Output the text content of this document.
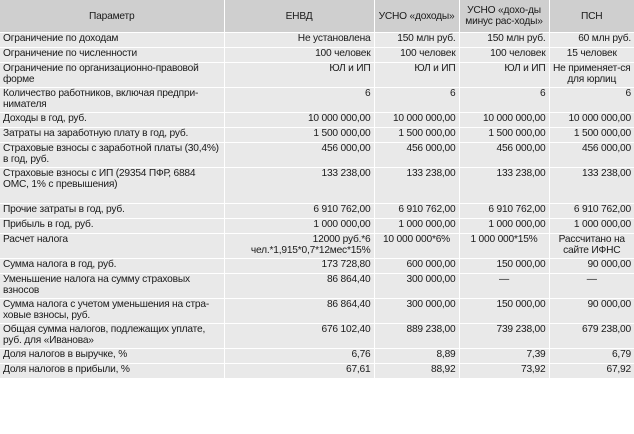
Параметр	ЕНВД	УСНО «доходы»	УСНО «дохо-ды минус рас-ходы»	ПСН
Ограничение по доходам	Не установлена	150 млн руб.	150 млн руб.	60 млн руб.
Ограничение по численности	100 человек	100 человек	100 человек	15 человек
Ограничение по организационно-правовой форме	ЮЛ и ИП	ЮЛ и ИП	ЮЛ и ИП	Не применяет-ся для юрлиц
Количество работников, включая предпри-нимателя	6	6	6	6
Доходы в год, руб.	10 000 000,00	10 000 000,00	10 000 000,00	10 000 000,00
Затраты на заработную плату в год, руб.	1 500 000,00	1 500 000,00	1 500 000,00	1 500 000,00
Страховые взносы с заработной платы (30,4%) в год, руб.	456 000,00	456 000,00	456 000,00	456 000,00
Страховые взносы с ИП (29354 ПФР, 6884 ОМС, 1% с превышения)	133 238,00	133 238,00	133 238,00	133 238,00
Прочие затраты в год, руб.	6 910 762,00	6 910 762,00	6 910 762,00	6 910 762,00
Прибыль в год, руб.	1 000 000,00	1 000 000,00	1 000 000,00	1 000 000,00
Расчет налога	12000 руб.*6 чел.*1,915*0,7*12мес*15%	10 000 000*6%	1 000 000*15%	Рассчитано на сайте ИФНС
Сумма налога в год, руб.	173 728,80	600 000,00	150 000,00	90 000,00
Уменьшение налога на сумму страховых взносов	86 864,40	300 000,00	—	—
Сумма налога с учетом уменьшения на стра-ховые взносы, руб.	86 864,40	300 000,00	150 000,00	90 000,00
Общая сумма налогов, подлежащих уплате, руб. для «Иванова»	676 102,40	889 238,00	739 238,00	679 238,00
Доля налогов в выручке, %	6,76	8,89	7,39	6,79
Доля налогов в прибыли, %	67,61	88,92	73,92	67,92
